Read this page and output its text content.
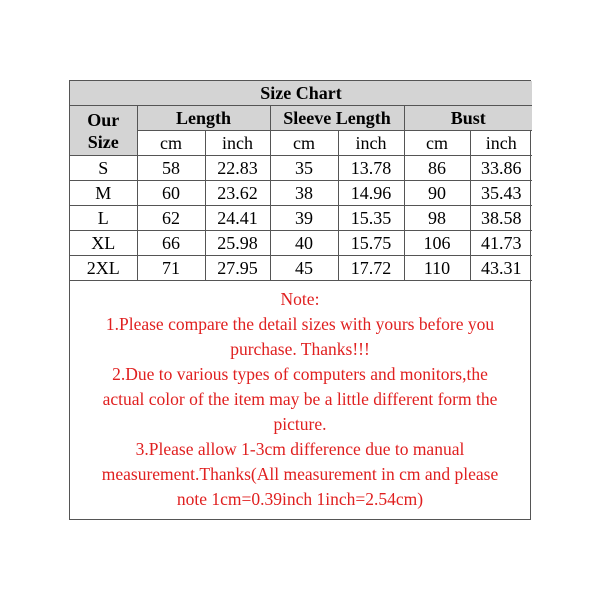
Size Chart						

Our
Size	Length		Sleeve Length		Bust	
	cm	inch	cm	inch	cm	inch
S	58	22.83	35	13.78	86	33.86
M	60	23.62	38	14.96	90	35.43
L	62	24.41	39	15.35	98	38.58
XL	66	25.98	40	15.75	106	41.73
2XL	71	27.95	45	17.72	110	43.31
Note:
1.Please compare the detail sizes with yours before you
purchase. Thanks!!!
2.Due to various types of computers and monitors,the
actual color of the item may be a little different form the
picture.
3.Please allow 1-3cm difference due to manual
measurement.Thanks(All measurement in cm and please
note 1cm=0.39inch 1inch=2.54cm)
